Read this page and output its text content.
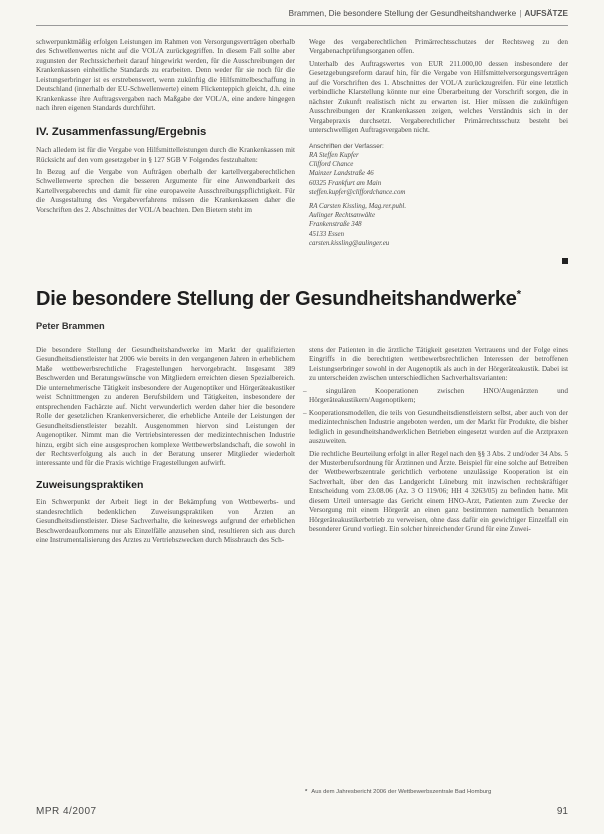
Brammen, Die besondere Stellung der Gesundheitshandwerke | AUFSÄTZE

schwerpunktmäßig erfolgen Leistungen im Rahmen von Versorgungsverträgen oberhalb des Schwellenwertes nicht auf die VOL/A zurückgegriffen. In diesem Fall sollte aber zugunsten der Rechtssicherheit darauf hingewirkt werden, für die Ausschreibungen der Krankenkassen einheitliche Standards zu erarbeiten. Denn weder für sie noch für die Leistungserbringer ist es erstrebenswert, wenn zukünftig die Hilfsmittelbeschaffung in Deutschland (innerhalb der EU-Schwellenwerte) einem Flickenteppich gleicht, d.h. eine Krankenkasse ihre Auftragsvergaben nach Maßgabe der VOL/A, eine andere hingegen nach ihren eigenen Standards durchführt.

IV. Zusammenfassung/Ergebnis

Nach alledem ist für die Vergabe von Hilfsmittelleistungen durch die Krankenkassen mit Rücksicht auf den vom gesetzgeber in § 127 SGB V Folgendes festzuhalten:

In Bezug auf die Vergabe von Aufträgen oberhalb der kartellvergaberechtlichen Schwellenwerte sprechen die besseren Argumente für eine Anwendbarkeit des Kartellvergaberechts und damit für eine europaweite Ausschreibungspflichtigkeit. Für die Ausgestaltung des Vergabeverfahrens müssen die Krankenkassen daher die Vorschriften des 2. Abschnittes der VOL/A beachten. Den Bietern steht im

Wege des vergaberechtlichen Primärrechtsschutzes der Rechtsweg zu den Vergabenachprüfungsorganen offen.

Unterhalb des Auftragswertes von EUR 211.000,00 dessen insbesondere der Gesetzgebungsreform darauf hin, für die Vergabe von Hilfsmittelversorgungsverträgen auf die Vorschriften des 1. Abschnittes der VOL/A zurückzugreifen. Für eine letztlich verbindliche Klarstellung könnte nur eine Überarbeitung der Vorschrift sorgen, die in nächster Zukunft realistisch nicht zu erwarten ist. Hier müssen die zukünftigen Ausschreibungen der Krankenkassen zeigen, welches Verständnis sich in der Vergabepraxis durchsetzt. Vergaberechtlicher Primärrechtsschutz besteht bei unterschwelligen Auftragsvergaben nicht.

Anschriften der Verfasser:
RA Steffen Kupfer
Clifford Chance
Mainzer Landstraße 46
60325 Frankfurt am Main
steffen.kupfer@cliffordchance.com
RA Carsten Kissling, Mag.rer.publ.
Aulinger Rechtsanwälte
Frankenstraße 348
45133 Essen
carsten.kissling@aulinger.eu
Die besondere Stellung der Gesundheitshandwerke*
Peter Brammen

Die besondere Stellung der Gesundheitshandwerke im Markt der qualifizierten Gesundheitsdienstleister hat 2006 wie bereits in den vergangenen Jahren in erheblichem Maße wettbewerbsrechtliche Fragestellungen hervorgebracht. Insgesamt 389 Beschwerden und Beratungswünsche von Mitgliedern erreichten diesen Spezialbereich. Die unternehmerische Tätigkeit insbesondere der Augenoptiker und Hörgeräteakustiker weist Schnittmengen zu anderen Berufsbildern und Tätigkeiten, insbesondere der entsprechenden Fachärzte auf. Nicht verwunderlich werden daher hier die besondere Rolle der gesetzlichen Krankenversicherer, die erhebliche Anteile der Leistungen der Gesundheitsdienstleister bezahlt. Ausgenommen hiervon sind Leistungen der Augenoptiker. Nimmt man die Vertriebsinteressen der medizintechnischen Industrie hinzu, ergibt sich eine ausgesprochen komplexe Wettbewerbslandschaft, die sowohl in der Rechtsverfolgung als auch in der Beratung unserer Mitglieder wiederholt interessante und für die Praxis wichtige Fragestellungen aufwirft.

Zuweisungspraktiken

Ein Schwerpunkt der Arbeit liegt in der Bekämpfung von Wettbewerbs- und standesrechtlich bedenklichen Zuweisungspraktiken von Ärzten an Gesundheitsdienstleister. Diese Sachverhalte, die keineswegs aufgrund der erheblichen Beschwerdeaufkommens nur als Einzelfälle anzusehen sind, resultieren sich aus durch eine Instrumentalisierung des Arztes zu Vertriebszwecken durch Missbrauch des Sch-

stens der Patienten in die ärztliche Tätigkeit gesetzten Vertrauens und der Folge eines Eingriffs in die berechtigten wettbewerbsrechtlichen Interessen der betroffenen Leistungserbringer sowohl in der Augenoptik als auch in der Hörgeräteakustik. Dabei ist zu unterscheiden zwischen unterschiedlichen Sachverhaltsvarianten:

– singulären Kooperationen zwischen HNO/Augenärzten und Hörgeräteakustikern/Augenoptikern;

– Kooperationsmodellen, die teils von Gesundheitsdienstleistern selbst, aber auch von der medizintechnischen Industrie angeboten werden, um der Markt für Produkte, die bisher lediglich in gesundheitshandwerklichen Betrieben eingesetzt wurden auf die Arztpraxen auszuweiten.

Die rechtliche Beurteilung erfolgt in aller Regel nach den §§ 3 Abs. 2 und/oder 34 Abs. 5 der Musterberufsordnung für Ärztinnen und Ärzte. Beispiel für eine solche auf Betreiben der Wettbewerbszentrale gerichtlich verbotene unzulässige Kooperation ist ein Sachverhalt, über den das Landgericht Lüneburg mit inzwischen rechtskräftiger Entscheidung vom 23.08.06 (Az. 3 O 119/06; HH 4 3263/05) zu befinden hatte. Mit diesem Urteil untersagte das Gericht einem HNO-Arzt, Patienten zum Zwecke der Versorgung mit einem Hörgerät an einen ganz bestimmten namentlich benannten Hörgeräteakustikerbetrieb zu verweisen, ohne dass dafür ein gewichtiger Einzelfall ein besonderer Grund vorliegt. Ein solcher hinreichender Grund für eine Zuwei-

* Aus dem Jahresbericht 2006 der Wettbewerbszentrale Bad Homburg
MPR 4/2007	91
